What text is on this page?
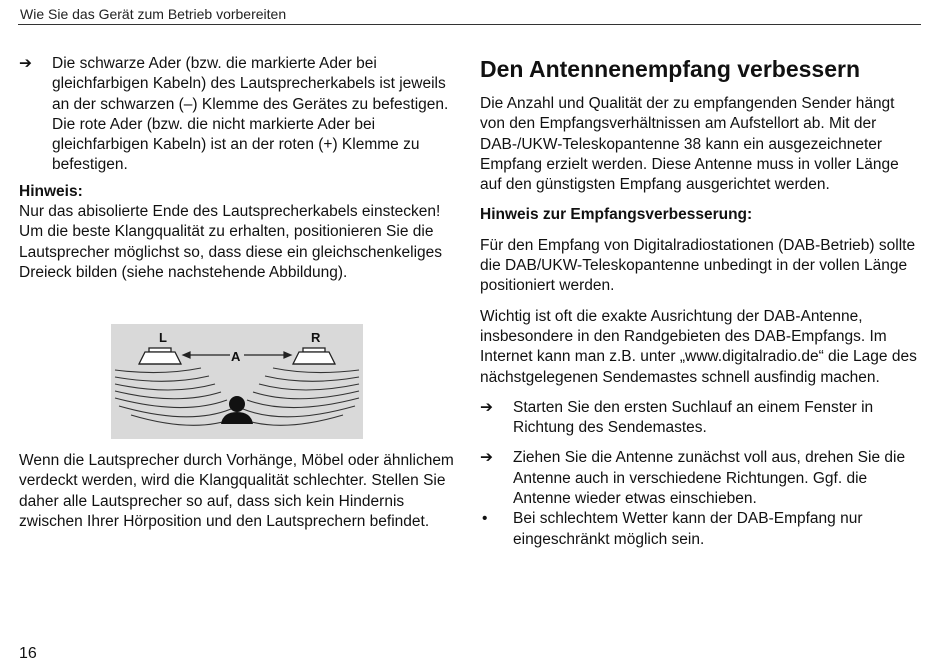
Wie Sie das Gerät zum Betrieb vorbereiten
➔ Die schwarze Ader (bzw. die markierte Ader bei gleichfarbigen Kabeln) des Lautsprecherkabels ist jeweils an der schwarzen (–) Klemme des Gerätes zu befestigen. Die rote Ader (bzw. die nicht markierte Ader bei gleichfarbigen Kabeln) ist an der roten (+) Klemme zu befestigen.

Hinweis:

Nur das abisolierte Ende des Lautsprecherkabels einstecken!

Um die beste Klangqualität zu erhalten, positionieren Sie die Lautsprecher möglichst so, dass diese ein gleichschenkeliges Dreieck bilden (siehe nachstehende Abbildung).

L	R
A

Wenn die Lautsprecher durch Vorhänge, Möbel oder ähnlichem verdeckt werden, wird die Klangqualität schlechter. Stellen Sie daher alle Lautsprecher so auf, dass sich kein Hindernis zwischen Ihrer Hörposition und den Lautsprechern befindet.

Den Antennenempfang verbessern

Die Anzahl und Qualität der zu empfangenden Sender hängt von den Empfangsverhältnissen am Aufstellort ab. Mit der DAB-/UKW-Teleskopantenne 38 kann ein ausgezeichneter Empfang erzielt werden. Diese Antenne muss in voller Länge auf den günstigsten Empfang ausgerichtet werden.

Hinweis zur Empfangsverbesserung:

Für den Empfang von Digitalradiostationen (DAB-Betrieb) sollte die DAB/UKW-Teleskopantenne unbedingt in der vollen Länge positioniert werden.

Wichtig ist oft die exakte Ausrichtung der DAB-Antenne, insbesondere in den Randgebieten des DAB-Empfangs. Im Internet kann man z.B. unter „www.digitalradio.de“ die Lage des nächstgelegenen Sendemastes schnell ausfindig machen.

➔ Starten Sie den ersten Suchlauf an einem Fenster in Richtung des Sendemastes.
➔ Ziehen Sie die Antenne zunächst voll aus, drehen Sie die Antenne auch in verschiedene Richtungen. Ggf. die Antenne wieder etwas einschieben.
• Bei schlechtem Wetter kann der DAB-Empfang nur eingeschränkt möglich sein.
16
